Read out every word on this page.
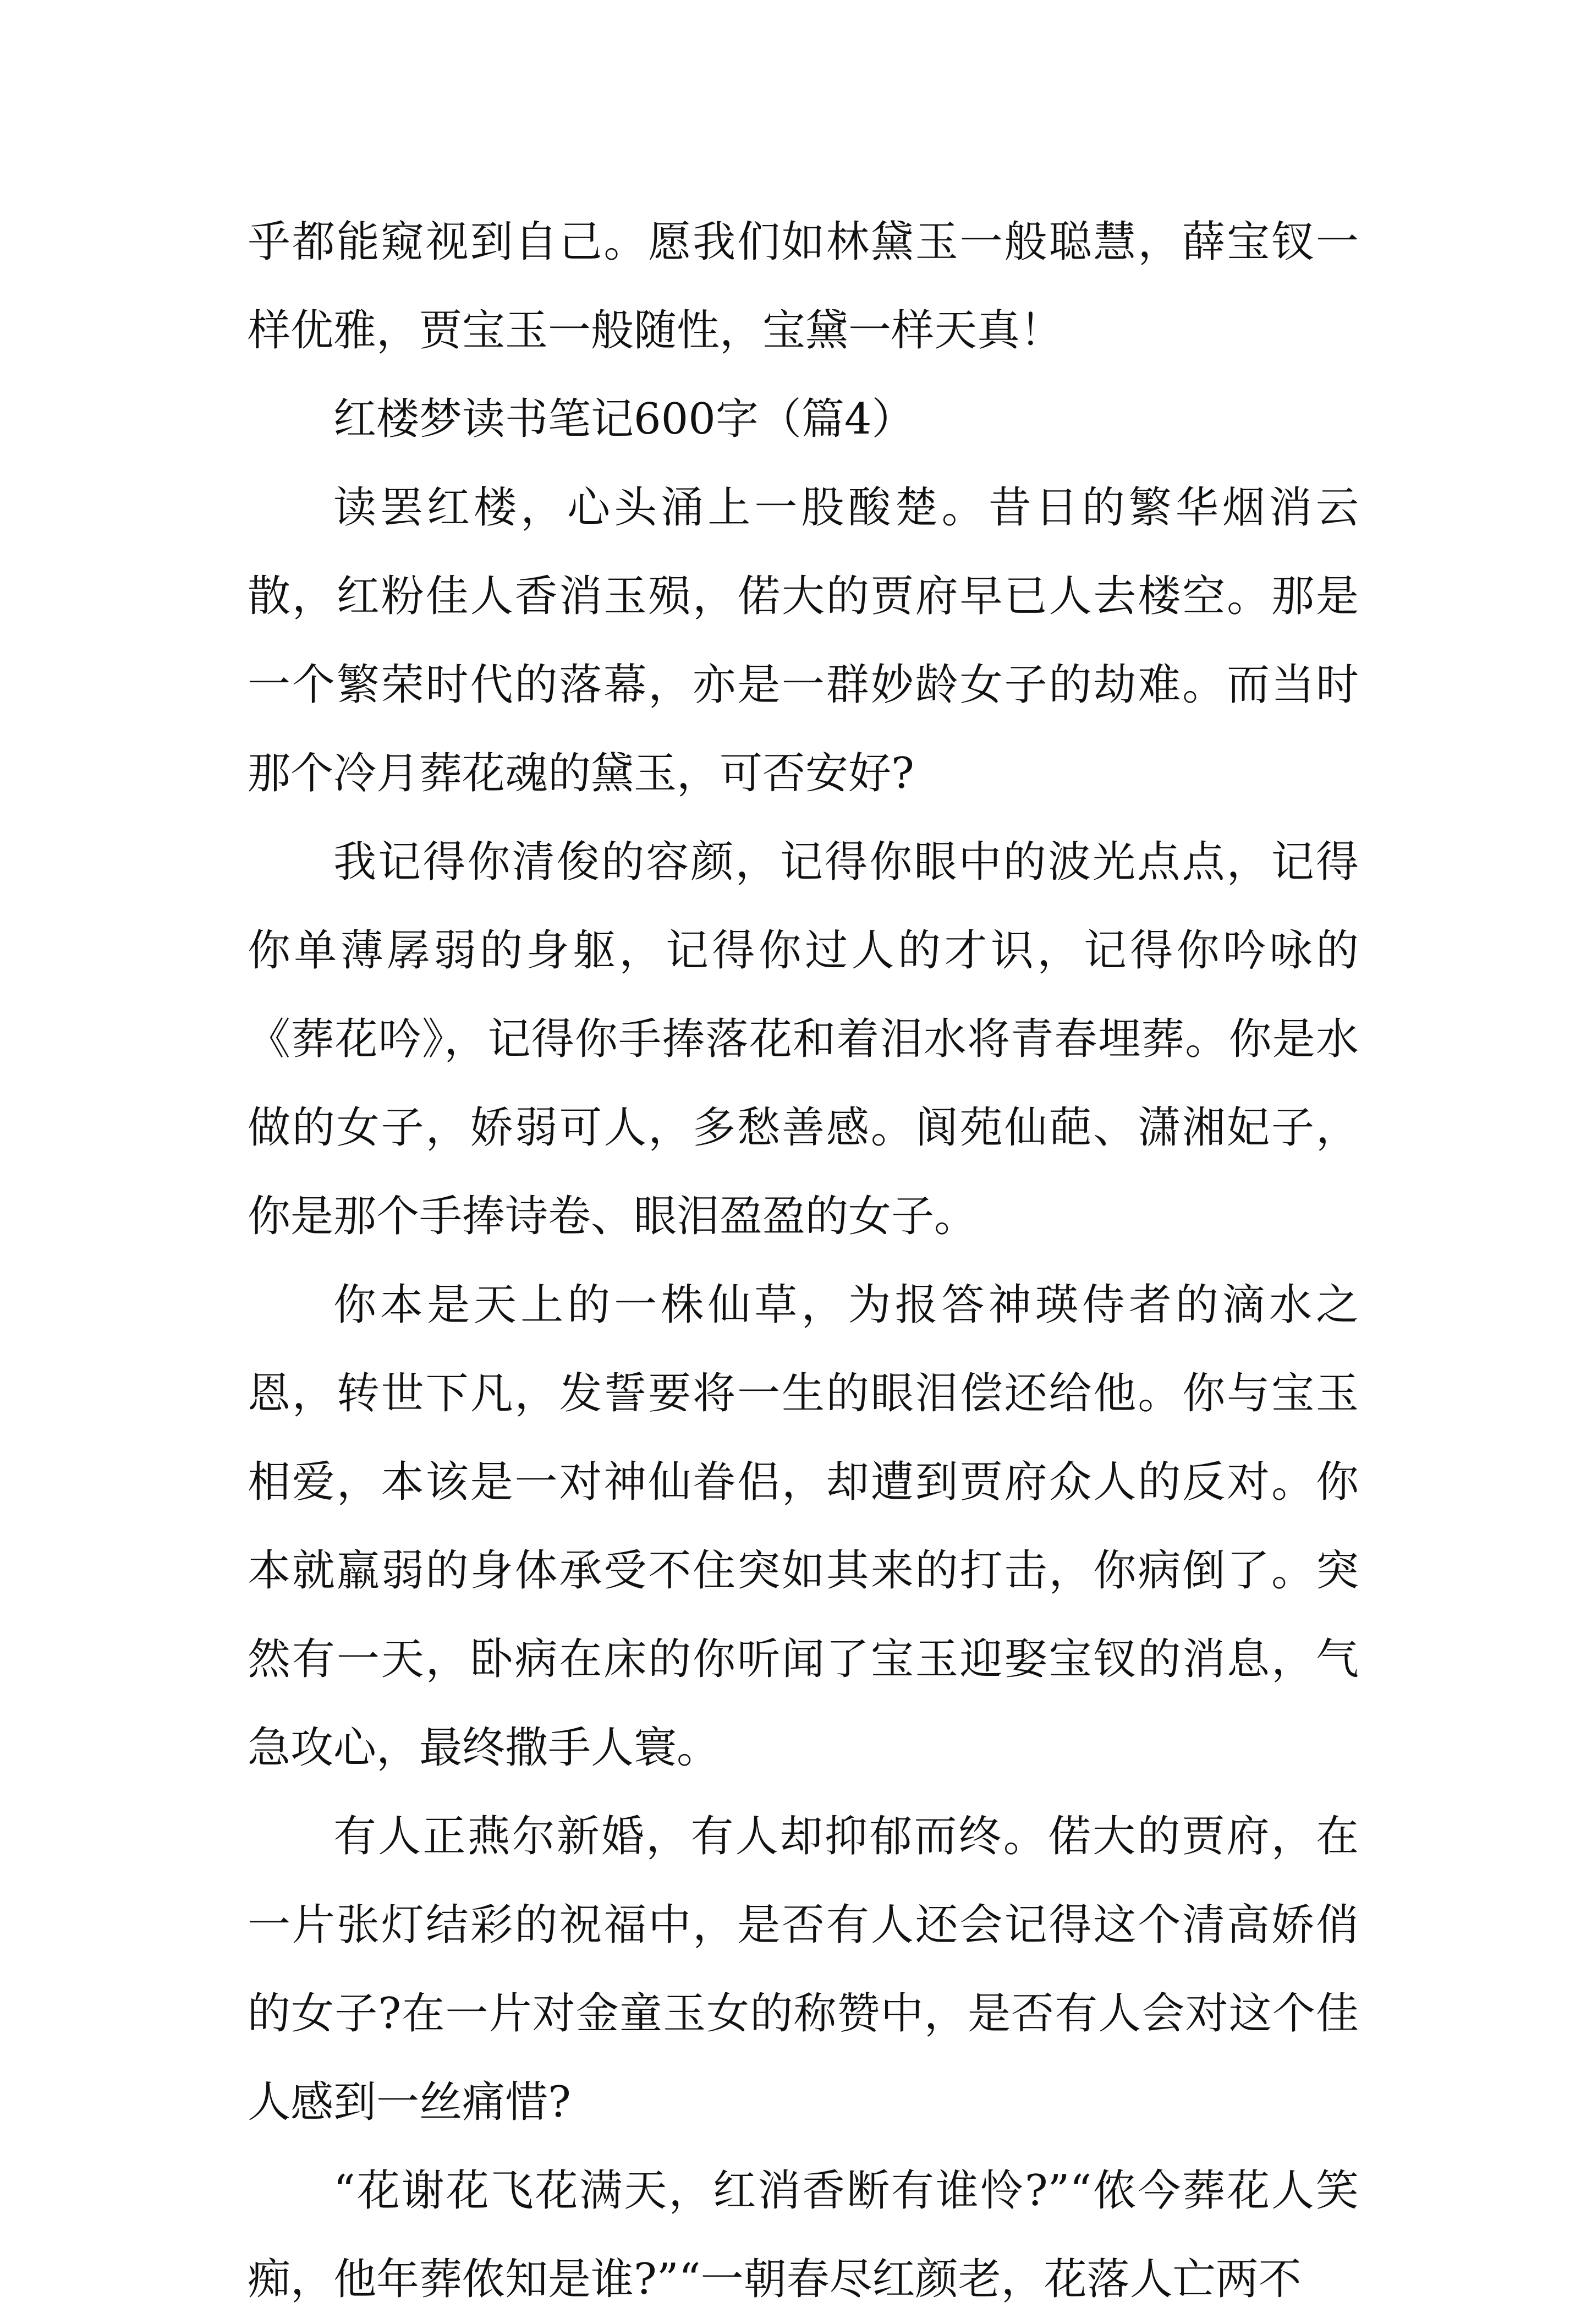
乎都能窥视到自己。愿我们如林黛玉一般聪慧，薛宝钗一样优雅，贾宝玉一般随性，宝黛一样天真！

红楼梦读书笔记600字（篇4）

读罢红楼，心头涌上一股酸楚。昔日的繁华烟消云散，红粉佳人香消玉殒，偌大的贾府早已人去楼空。那是一个繁荣时代的落幕，亦是一群妙龄女子的劫难。而当时那个冷月葬花魂的黛玉，可否安好?

我记得你清俊的容颜，记得你眼中的波光点点，记得你单薄孱弱的身躯，记得你过人的才识，记得你吟咏的《葬花吟》，记得你手捧落花和着泪水将青春埋葬。你是水做的女子，娇弱可人，多愁善感。阆苑仙葩、潇湘妃子，你是那个手捧诗卷、眼泪盈盈的女子。

你本是天上的一株仙草，为报答神瑛侍者的滴水之恩，转世下凡，发誓要将一生的眼泪偿还给他。你与宝玉相爱，本该是一对神仙眷侣，却遭到贾府众人的反对。你本就羸弱的身体承受不住突如其来的打击，你病倒了。突然有一天，卧病在床的你听闻了宝玉迎娶宝钗的消息，气急攻心，最终撒手人寰。

有人正燕尔新婚，有人却抑郁而终。偌大的贾府，在一片张灯结彩的祝福中，是否有人还会记得这个清高娇俏的女子?在一片对金童玉女的称赞中，是否有人会对这个佳人感到一丝痛惜?

“花谢花飞花满天，红消香断有谁怜?”“侬今葬花人笑痴，他年葬侬知是谁?”“一朝春尽红颜老，花落人亡两不
